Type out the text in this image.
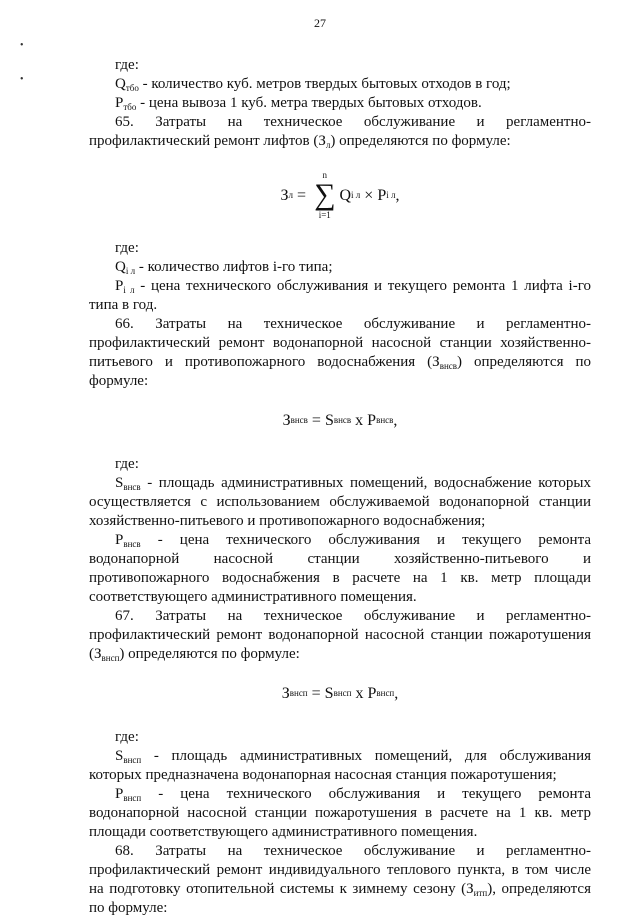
27
•
•

где:

$Q_{тбо}$ - количество куб. метров твердых бытовых отходов в год;

$P_{тбо}$ - цена вывоза 1 куб. метра твердых бытовых отходов.

65. Затраты на техническое обслуживание и регламентно-

профилактический ремонт лифтов $(З_л)$ определяются по формуле:

З л =
n
∑
i=1
Q i л × P i л ,

где:

$Q_{i л}$ - количество лифтов i-го типа;

$P_{i л}$ - цена технического обслуживания и текущего ремонта 1 лифта i-го типа в год.

66. Затраты на техническое обслуживание и регламентно-

профилактический ремонт водонапорной насосной станции хозяйственно-

питьевого и противопожарного водоснабжения $(З_{внсв})$ определяются по

формуле:

З внсв = S внсв x P внсв ,

где:

$S_{внсв}$ - площадь административных помещений, водоснабжение которых осуществляется с использованием обслуживаемой водонапорной станции хозяйственно-питьевого и противопожарного водоснабжения;

$P_{внсв}$ - цена технического обслуживания и текущего ремонта водонапорной насосной станции хозяйственно-питьевого и противопожарного водоснабжения в расчете на 1 кв. метр площади соответствующего административного помещения.

67. Затраты на техническое обслуживание и регламентно-

профилактический ремонт водонапорной насосной станции пожаротушения

$(З_{внсп})$ определяются по формуле:

З внсп = S внсп x P внсп ,

где:

$S_{внсп}$ - площадь административных помещений, для обслуживания которых предназначена водонапорная насосная станция пожаротушения;

$P_{внсп}$ - цена технического обслуживания и текущего ремонта водонапорной насосной станции пожаротушения в расчете на 1 кв. метр площади соответствующего административного помещения.

68. Затраты на техническое обслуживание и регламентно-

профилактический ремонт индивидуального теплового пункта, в том числе

на подготовку отопительной системы к зимнему сезону $(З_{итп})$, определяются

по формуле:
